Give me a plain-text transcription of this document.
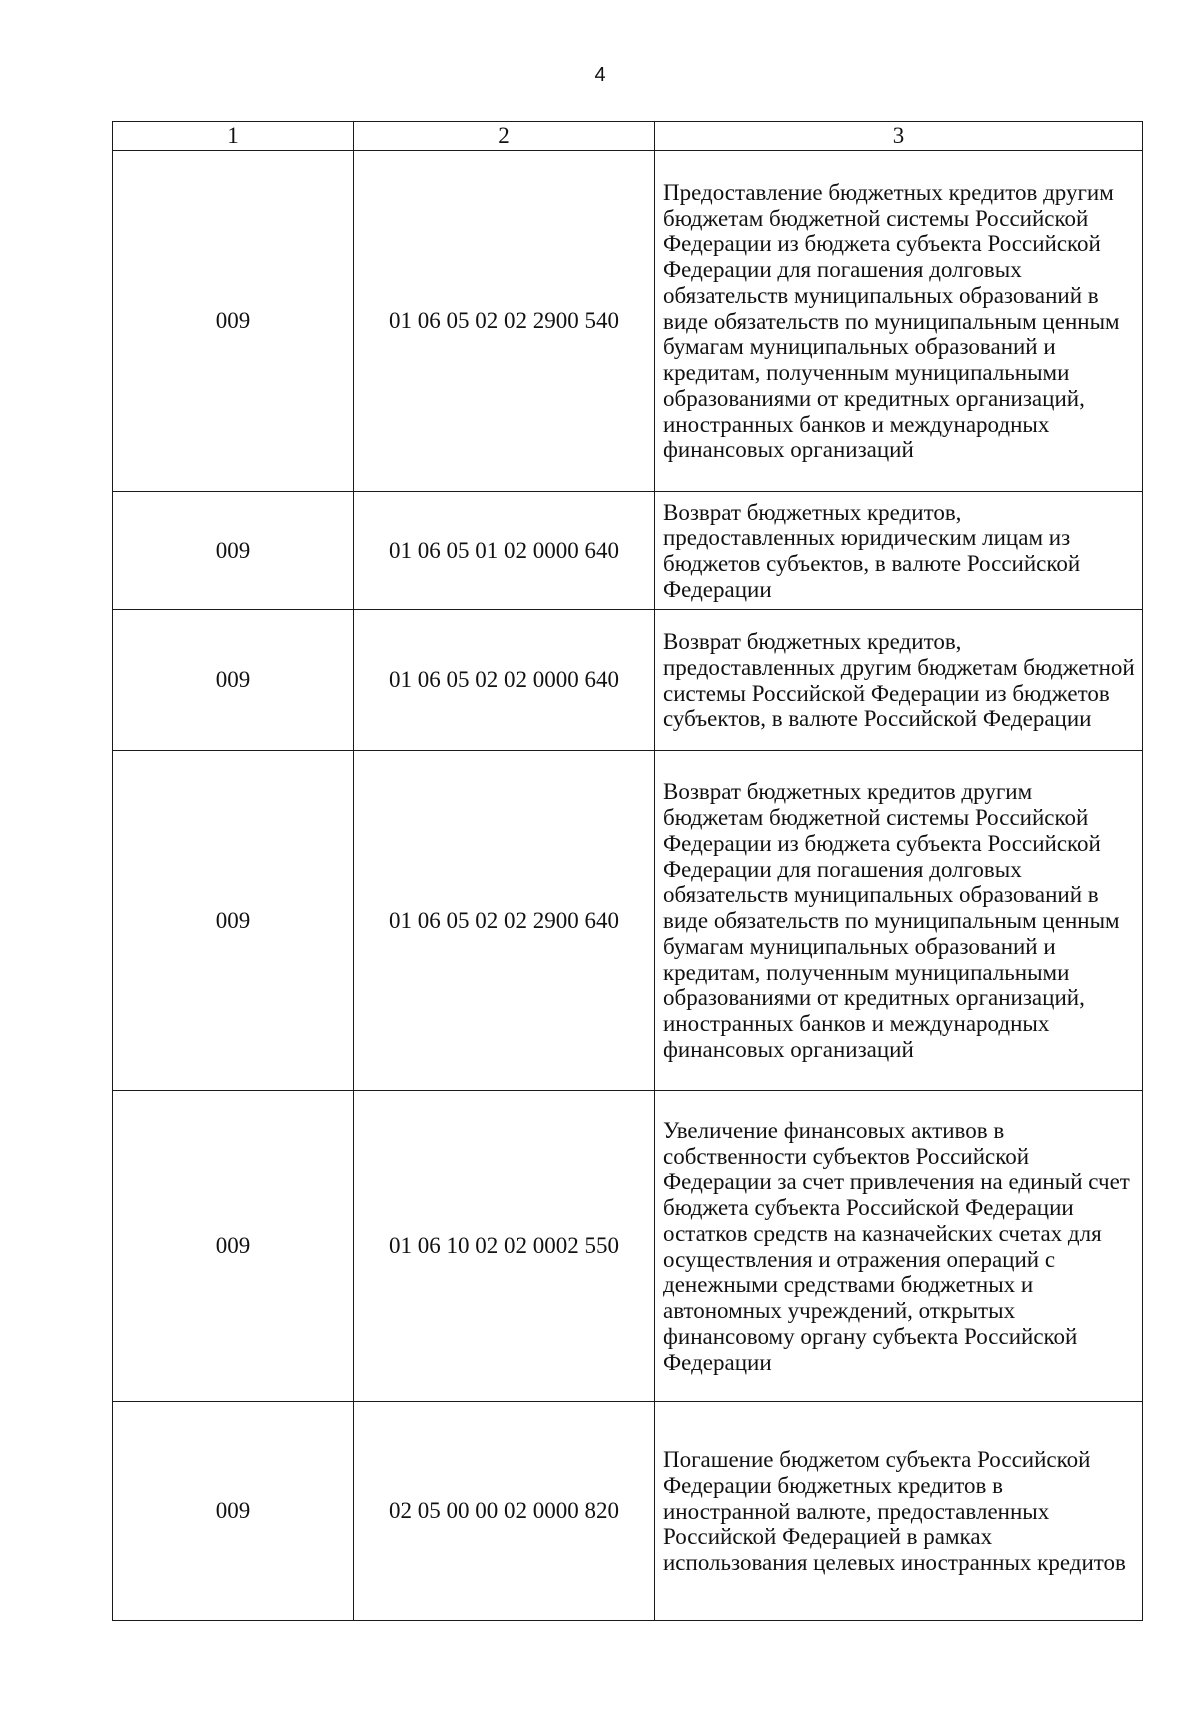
4
1	2	3
009	01 06 05 02 02 2900 540	Предоставление бюджетных кредитов другим бюджетам бюджетной системы Российской Федерации из бюджета субъекта Российской Федерации для погашения долговых обязательств муниципальных образований в виде обязательств по муниципальным ценным бумагам муниципальных образований и кредитам, полученным муниципальными образованиями от кредитных организаций, иностранных банков и международных финансовых организаций
009	01 06 05 01 02 0000 640	Возврат бюджетных кредитов, предоставленных юридическим лицам из бюджетов субъектов, в валюте Российской Федерации
009	01 06 05 02 02 0000 640	Возврат бюджетных кредитов, предоставленных другим бюджетам бюджетной системы Российской Федерации из бюджетов субъектов, в валюте Российской Федерации
009	01 06 05 02 02 2900 640	Возврат бюджетных кредитов другим бюджетам бюджетной системы Российской Федерации из бюджета субъекта Российской Федерации для погашения долговых обязательств муниципальных образований в виде обязательств по муниципальным ценным бумагам муниципальных образований и кредитам, полученным муниципальными образованиями от кредитных организаций, иностранных банков и международных финансовых организаций
009	01 06 10 02 02 0002 550	Увеличение финансовых активов в собственности субъектов Российской Федерации за счет привлечения на единый счет бюджета субъекта Российской Федерации остатков средств на казначейских счетах для осуществления и отражения операций с денежными средствами бюджетных и автономных учреждений, открытых финансовому органу субъекта Российской Федерации
009	02 05 00 00 02 0000 820	Погашение бюджетом субъекта Российской Федерации бюджетных кредитов в иностранной валюте, предоставленных Российской Федерацией в рамках использования целевых иностранных кредитов
